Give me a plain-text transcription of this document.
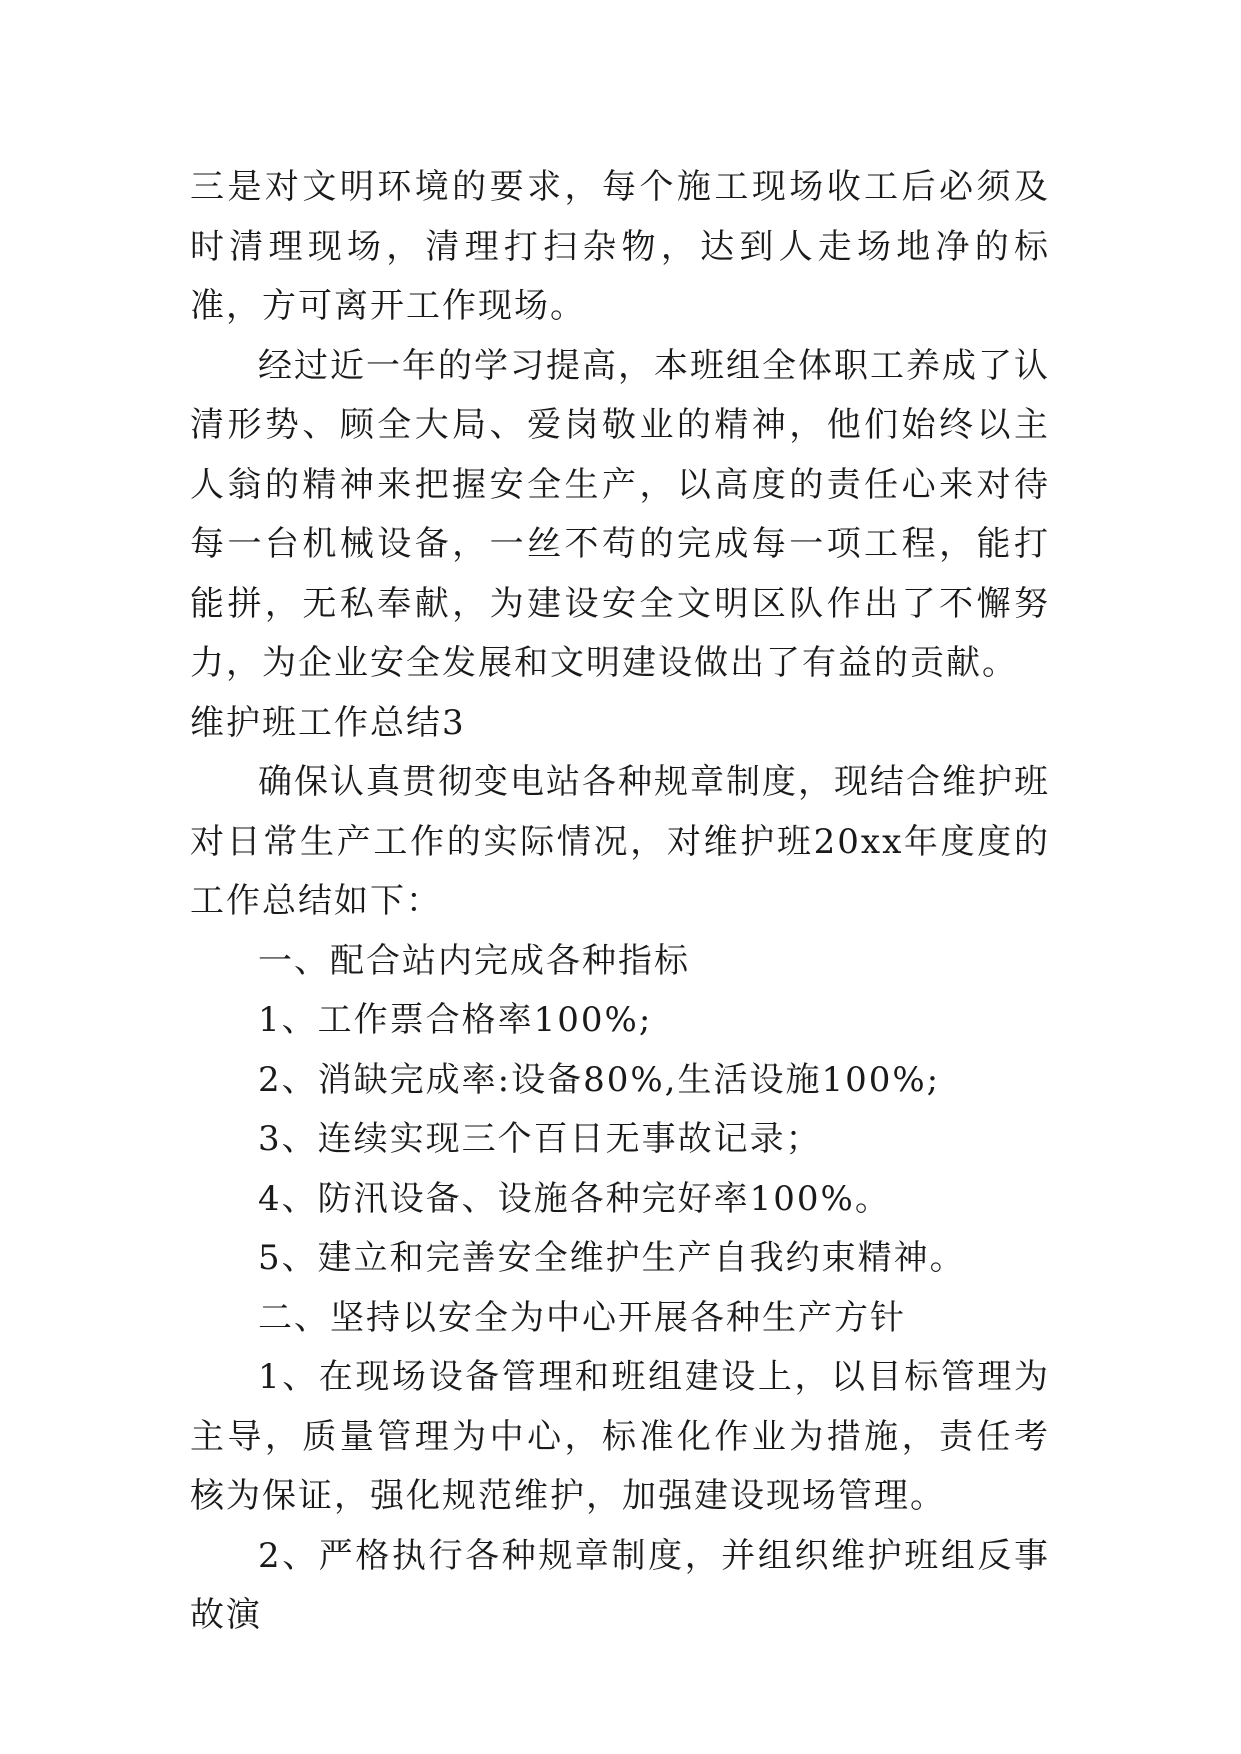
三是对文明环境的要求，每个施工现场收工后必须及时清理现场，清理打扫杂物，达到人走场地净的标准，方可离开工作现场。

经过近一年的学习提高，本班组全体职工养成了认清形势、顾全大局、爱岗敬业的精神，他们始终以主人翁的精神来把握安全生产，以高度的责任心来对待每一台机械设备，一丝不苟的完成每一项工程，能打能拼，无私奉献，为建设安全文明区队作出了不懈努力，为企业安全发展和文明建设做出了有益的贡献。

维护班工作总结3

确保认真贯彻变电站各种规章制度，现结合维护班对日常生产工作的实际情况，对维护班20xx年度度的工作总结如下：

一、配合站内完成各种指标

1、工作票合格率100%;

2、消缺完成率:设备80%,生活设施100%;

3、连续实现三个百日无事故记录；

4、防汛设备、设施各种完好率100%。

5、建立和完善安全维护生产自我约束精神。

二、坚持以安全为中心开展各种生产方针

1、在现场设备管理和班组建设上，以目标管理为主导，质量管理为中心，标准化作业为措施，责任考核为保证，强化规范维护，加强建设现场管理。

2、严格执行各种规章制度，并组织维护班组反事故演
